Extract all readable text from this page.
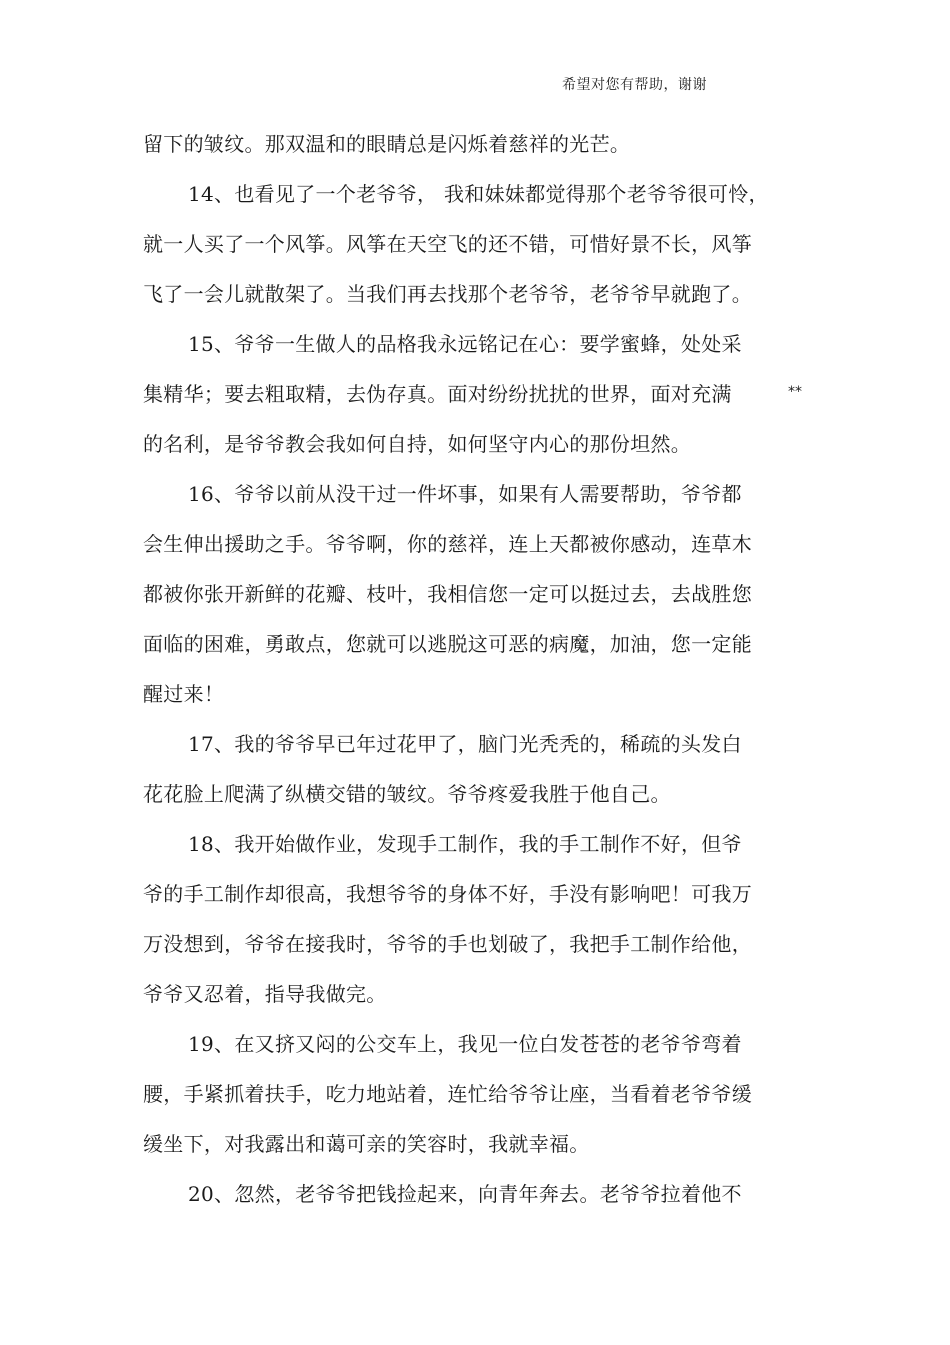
希望对您有帮助，谢谢
**
留下的皱纹。那双温和的眼睛总是闪烁着慈祥的光芒。
14、也看见了一个老爷爷， 我和妹妹都觉得那个老爷爷很可怜，
就一人买了一个风筝。风筝在天空飞的还不错，可惜好景不长，风筝
飞了一会儿就散架了。当我们再去找那个老爷爷，老爷爷早就跑了。
15、爷爷一生做人的品格我永远铭记在心：要学蜜蜂，处处采
集精华；要去粗取精，去伪存真。面对纷纷扰扰的世界，面对充满
的名利，是爷爷教会我如何自持，如何坚守内心的那份坦然。
16、爷爷以前从没干过一件坏事，如果有人需要帮助，爷爷都
会生伸出援助之手。爷爷啊，你的慈祥，连上天都被你感动，连草木
都被你张开新鲜的花瓣、枝叶，我相信您一定可以挺过去，去战胜您
面临的困难，勇敢点，您就可以逃脱这可恶的病魔，加油，您一定能
醒过来！
17、我的爷爷早已年过花甲了，脑门光秃秃的，稀疏的头发白
花花脸上爬满了纵横交错的皱纹。爷爷疼爱我胜于他自己。
18、我开始做作业，发现手工制作，我的手工制作不好，但爷
爷的手工制作却很高，我想爷爷的身体不好，手没有影响吧！可我万
万没想到，爷爷在接我时，爷爷的手也划破了，我把手工制作给他，
爷爷又忍着，指导我做完。
19、在又挤又闷的公交车上，我见一位白发苍苍的老爷爷弯着
腰，手紧抓着扶手，吃力地站着，连忙给爷爷让座，当看着老爷爷缓
缓坐下，对我露出和蔼可亲的笑容时，我就幸福。
20、忽然，老爷爷把钱捡起来，向青年奔去。老爷爷拉着他不
